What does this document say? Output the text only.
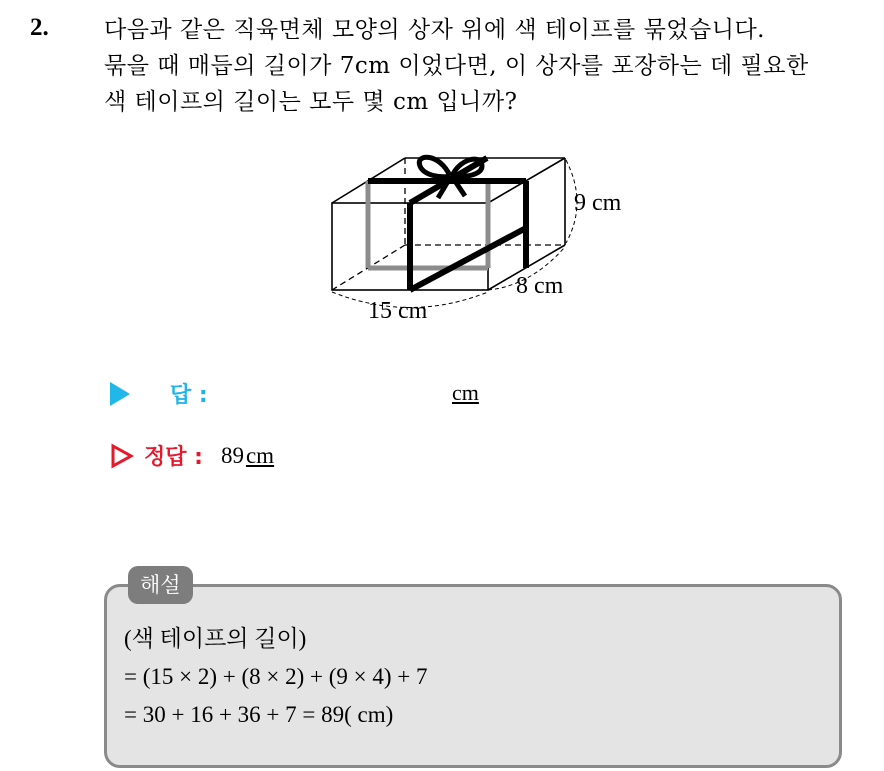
2. 다음과 같은 직육면체 모양의 상자 위에 색 테이프를 묶었습니다.
묶을 때 매듭의 길이가 7cm 이었다면, 이 상자를 포장하는 데 필요한
색 테이프의 길이는 모두 몇 cm 입니까?
9 cm
8 cm
15 cm
답 :	cm
정답 : 89 cm
해설
(색 테이프의 길이)
= (15 × 2) + (8 × 2) + (9 × 4) + 7
= 30 + 16 + 36 + 7 = 89( cm)
